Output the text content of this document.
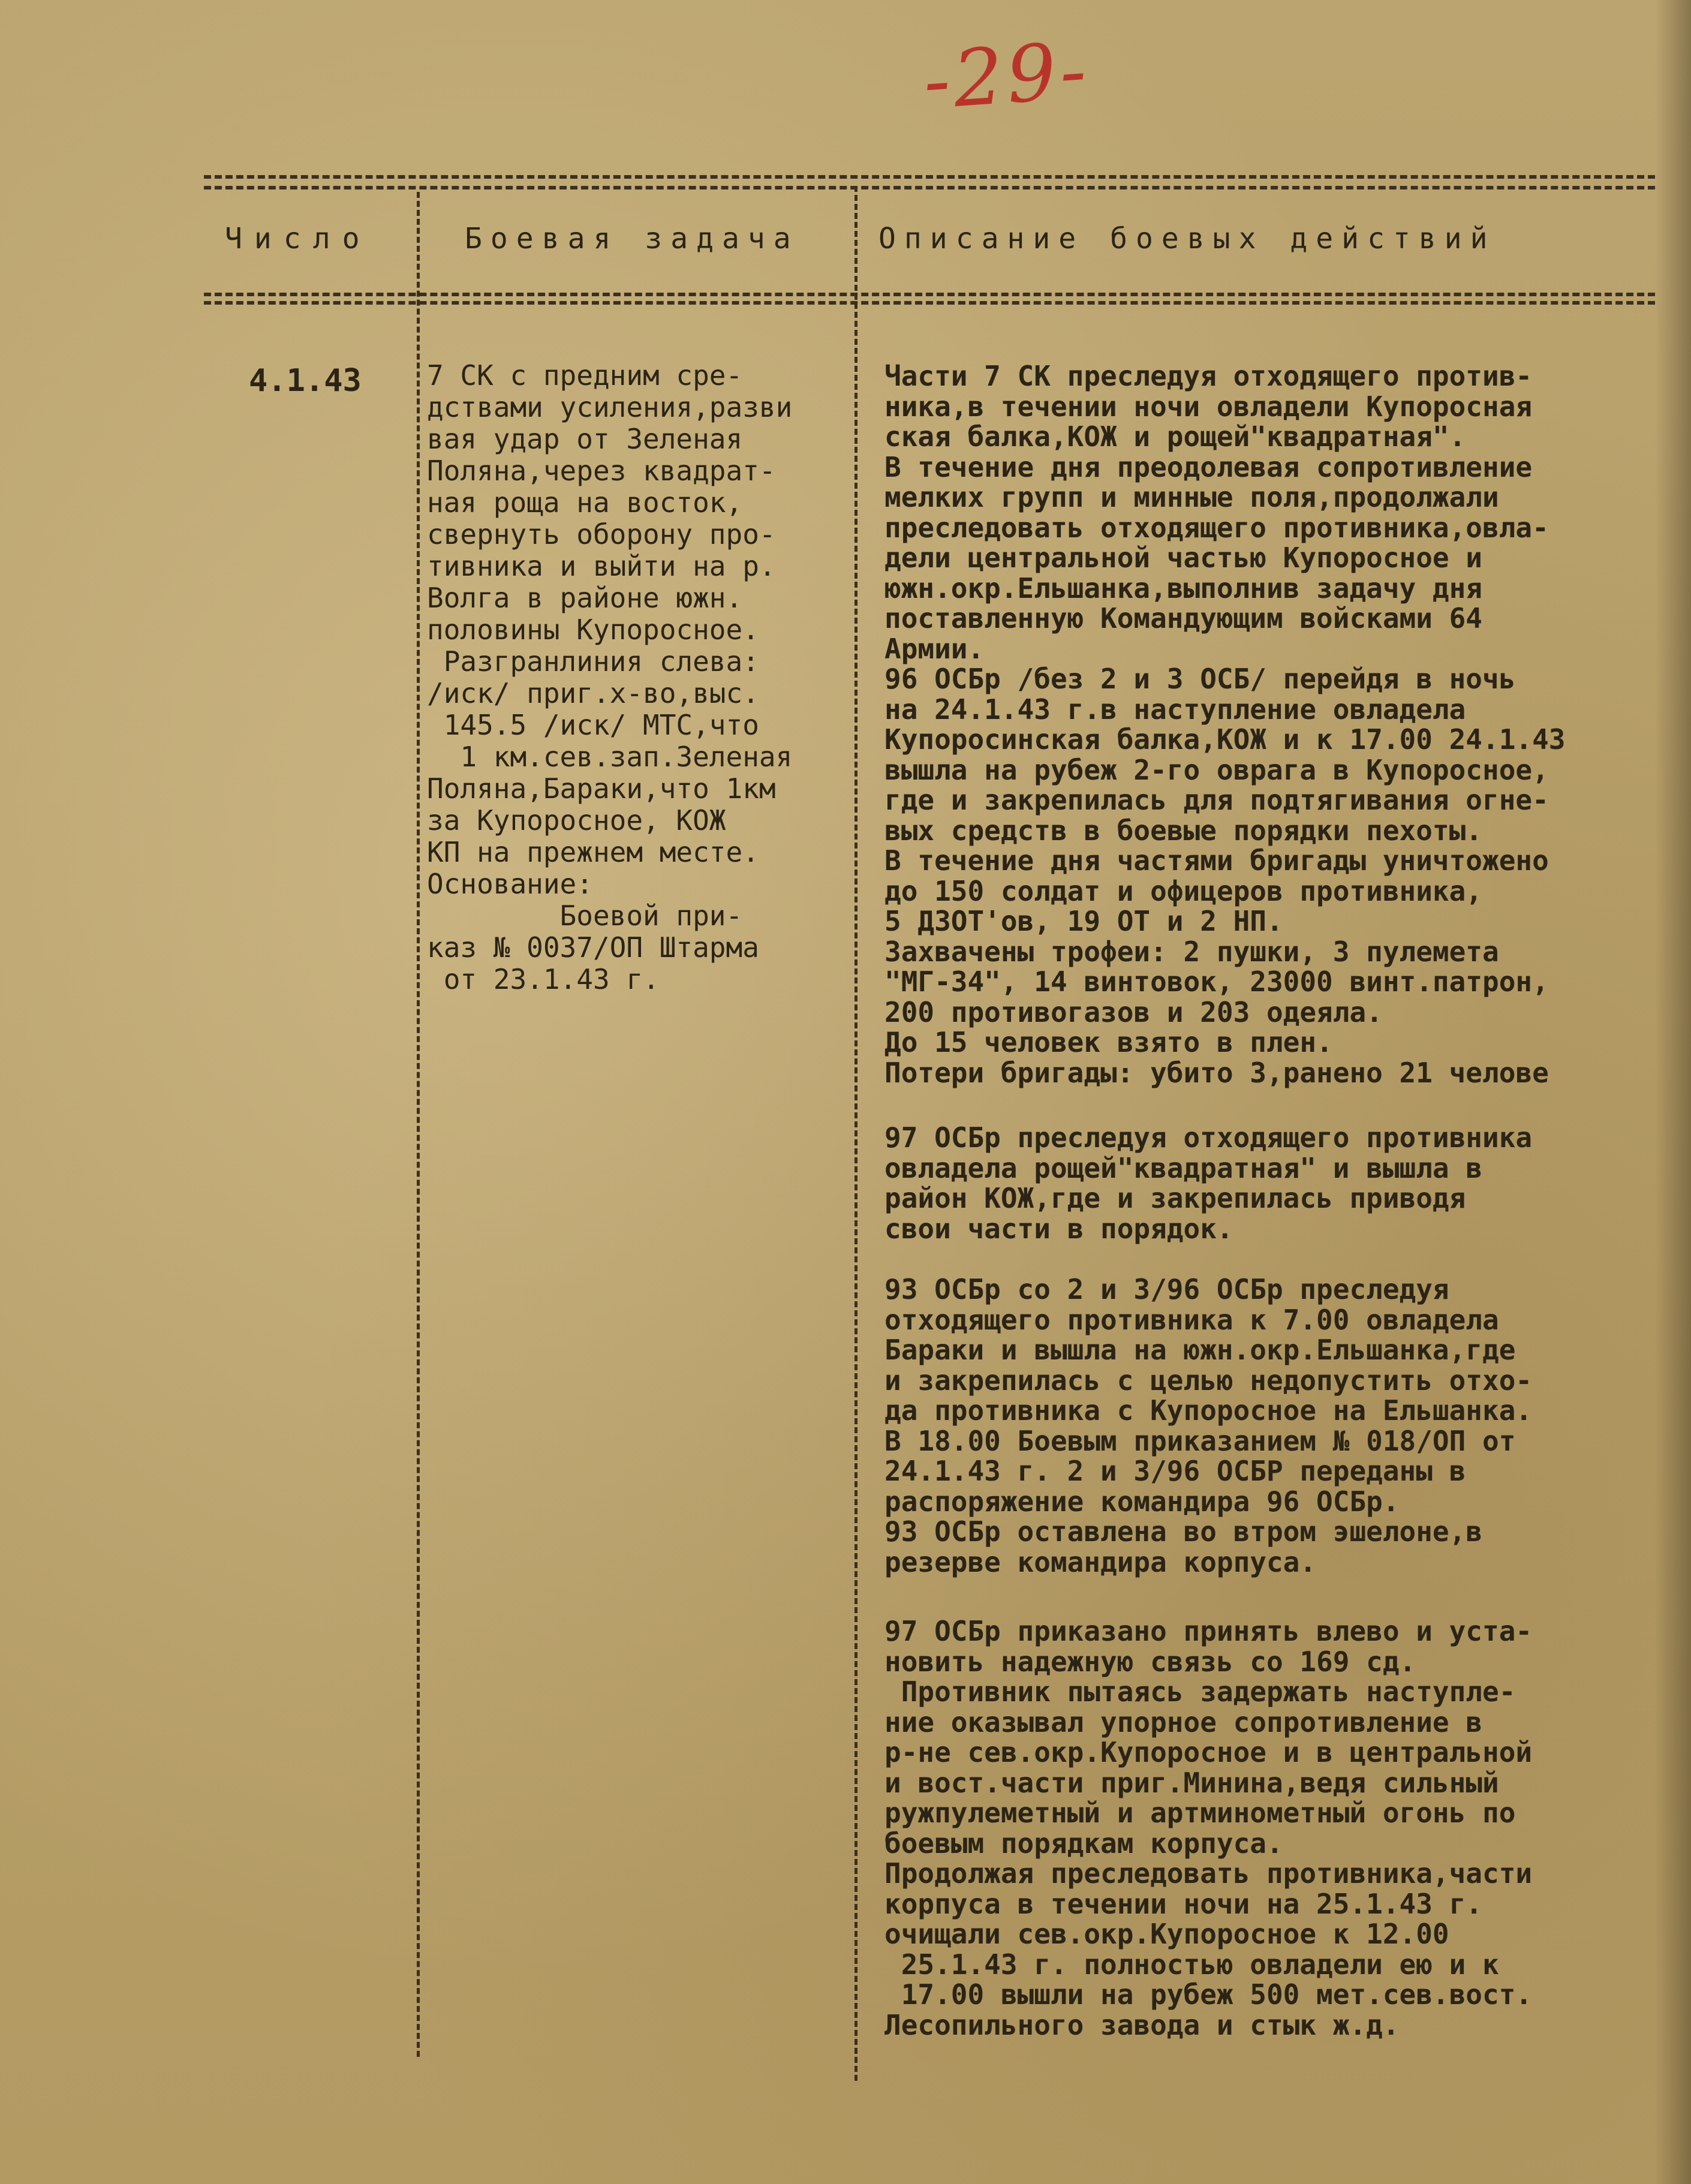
-29-
Число	Боевая задача	Описание боевых действий
4.1.43 7 СК с предним сре-
дствами усиления,разви
вая удар от Зеленая
Поляна,через квадрат-
ная роща на восток,
свернуть оборону про-
тивника и выйти на р.
Волга в районе южн.
половины Купоросное.
Разгранлиния слева:
/иск/ приг.х-во,выс.
145.5 /иск/ МТС,что
1 км.сев.зап.Зеленая
Поляна,Бараки,что 1км
за Купоросное, КОЖ
КП на прежнем месте.
Основание:
Боевой при-
каз № 0037/ОП Штарма
от 23.1.43 г.
Части 7 СК преследуя отходящего против-
ника,в течении ночи овладели Купоросная
ская балка,КОЖ и рощей"квадратная".
В течение дня преодолевая сопротивление
мелких групп и минные поля,продолжали
преследовать отходящего противника,овла-
дели центральной частью Купоросное и
южн.окр.Ельшанка,выполнив задачу дня
поставленную Командующим войсками 64
Армии.
96 ОСБр /без 2 и 3 ОСБ/ перейдя в ночь
на 24.1.43 г.в наступление овладела
Купоросинская балка,КОЖ и к 17.00 24.1.43
вышла на рубеж 2-го оврага в Купоросное,
где и закрепилась для подтягивания огне-
вых средств в боевые порядки пехоты.
В течение дня частями бригады уничтожено
до 150 солдат и офицеров противника,
5 ДЗОТ'ов, 19 ОТ и 2 НП.
Захвачены трофеи: 2 пушки, 3 пулемета
"МГ-34", 14 винтовок, 23000 винт.патрон,
200 противогазов и 203 одеяла.
До 15 человек взято в плен.
Потери бригады: убито 3,ранено 21 челове
97 ОСБр преследуя отходящего противника
овладела рощей"квадратная" и вышла в
район КОЖ,где и закрепилась приводя
свои части в порядок.
93 ОСБр со 2 и 3/96 ОСБр преследуя
отходящего противника к 7.00 овладела
Бараки и вышла на южн.окр.Ельшанка,где
и закрепилась с целью недопустить отхо-
да противника с Купоросное на Ельшанка.
В 18.00 Боевым приказанием № 018/ОП от
24.1.43 г. 2 и 3/96 ОСБР переданы в
распоряжение командира 96 ОСБр.
93 ОСБр оставлена во втром эшелоне,в
резерве командира корпуса.
97 ОСБр приказано принять влево и уста-
новить надежную связь со 169 сд.
Противник пытаясь задержать наступле-
ние оказывал упорное сопротивление в
р-не сев.окр.Купоросное и в центральной
и вост.части приг.Минина,ведя сильный
ружпулеметный и артминометный огонь по
боевым порядкам корпуса.
Продолжая преследовать противника,части
корпуса в течении ночи на 25.1.43 г.
очищали сев.окр.Купоросное к 12.00
25.1.43 г. полностью овладели ею и к
17.00 вышли на рубеж 500 мет.сев.вост.
Лесопильного завода и стык ж.д.
